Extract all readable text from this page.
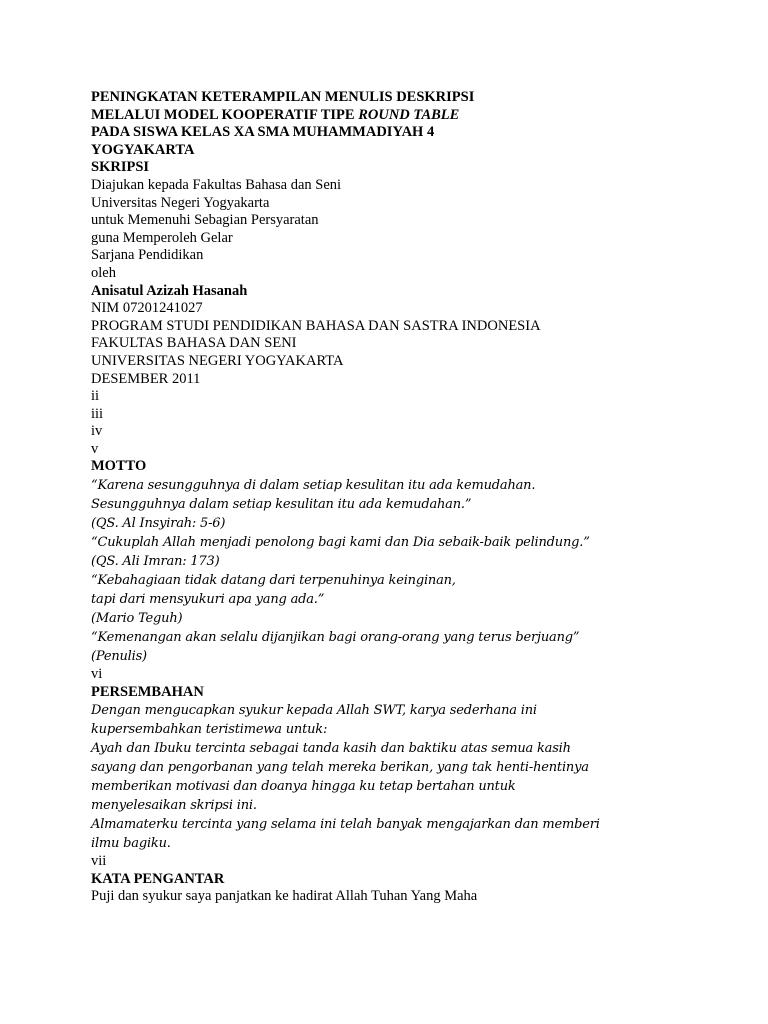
PENINGKATAN KETERAMPILAN MENULIS DESKRIPSI
MELALUI MODEL KOOPERATIF TIPE ROUND TABLE
PADA SISWA KELAS XA SMA MUHAMMADIYAH 4
YOGYAKARTA
SKRIPSI
Diajukan kepada Fakultas Bahasa dan Seni
Universitas Negeri Yogyakarta
untuk Memenuhi Sebagian Persyaratan
guna Memperoleh Gelar
Sarjana Pendidikan
oleh
Anisatul Azizah Hasanah
NIM 07201241027
PROGRAM STUDI PENDIDIKAN BAHASA DAN SASTRA INDONESIA
FAKULTAS BAHASA DAN SENI
UNIVERSITAS NEGERI YOGYAKARTA
DESEMBER 2011
ii
iii
iv
v
MOTTO
“Karena sesungguhnya di dalam setiap kesulitan itu ada kemudahan.
Sesungguhnya dalam setiap kesulitan itu ada kemudahan.”
(QS. Al Insyirah: 5-6)
“Cukuplah Allah menjadi penolong bagi kami dan Dia sebaik-baik pelindung.”
(QS. Ali Imran: 173)
“Kebahagiaan tidak datang dari terpenuhinya keinginan,
tapi dari mensyukuri apa yang ada.”
(Mario Teguh)
“Kemenangan akan selalu dijanjikan bagi orang-orang yang terus berjuang”
(Penulis)
vi
PERSEMBAHAN
Dengan mengucapkan syukur kepada Allah SWT, karya sederhana ini
kupersembahkan teristimewa untuk:
Ayah dan Ibuku tercinta sebagai tanda kasih dan baktiku atas semua kasih
sayang dan pengorbanan yang telah mereka berikan, yang tak henti-hentinya
memberikan motivasi dan doanya hingga ku tetap bertahan untuk
menyelesaikan skripsi ini.
Almamaterku tercinta yang selama ini telah banyak mengajarkan dan memberi
ilmu bagiku.
vii
KATA PENGANTAR
Puji dan syukur saya panjatkan ke hadirat Allah Tuhan Yang Maha
